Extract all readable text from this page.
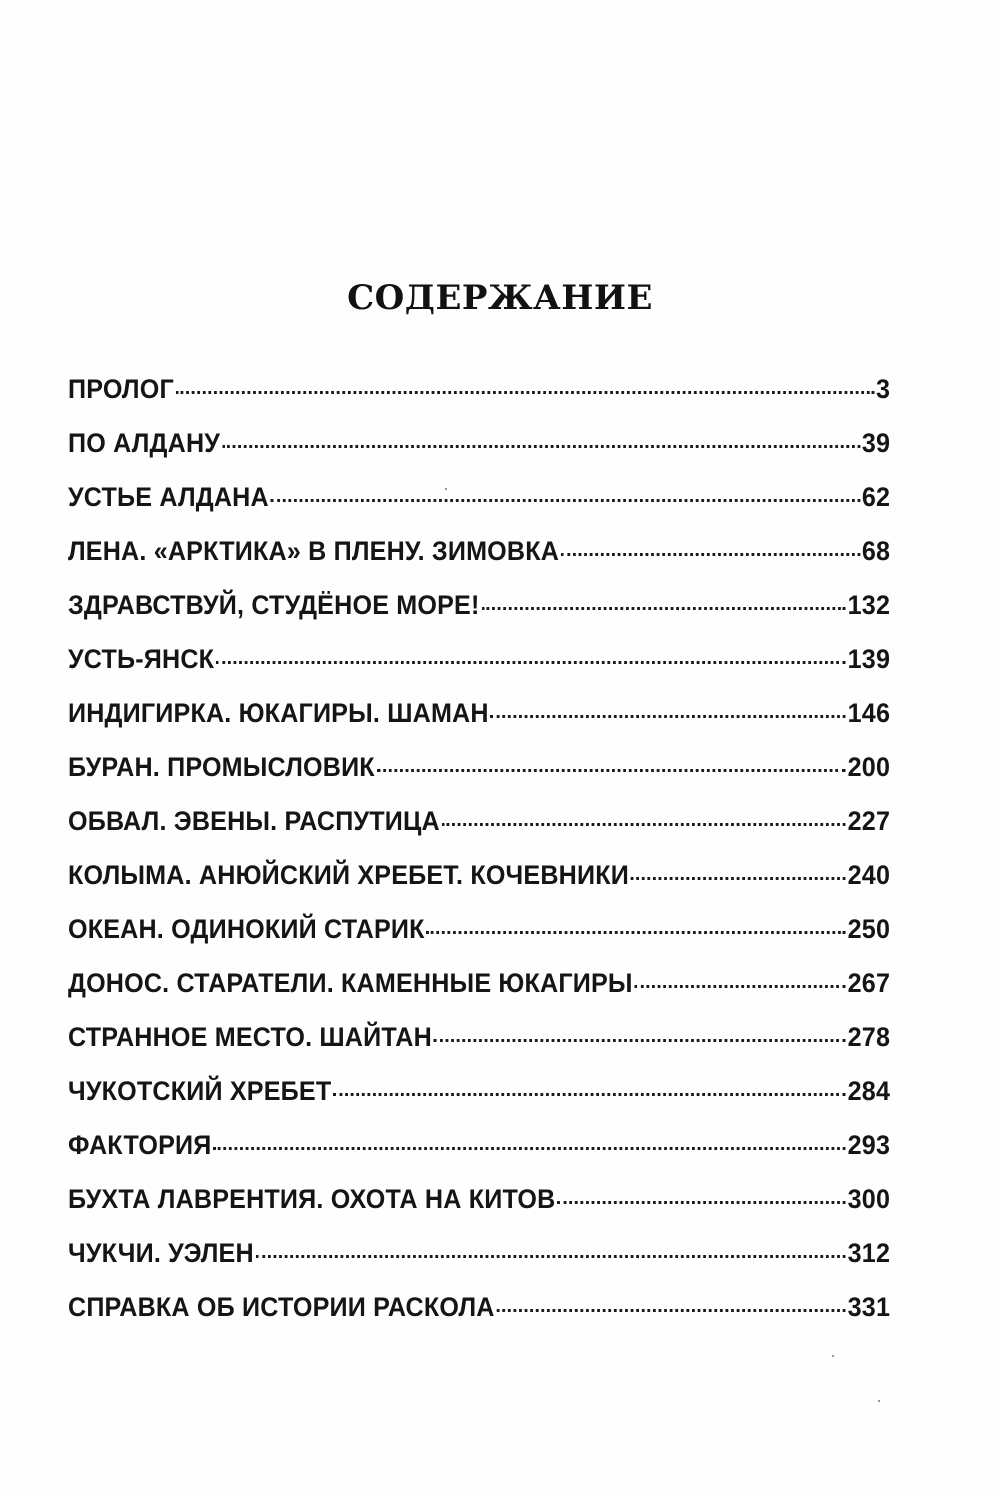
СОДЕРЖАНИЕ
ПРОЛОГ	3
ПО АЛДАНУ	39
УСТЬЕ АЛДАНА	62
ЛЕНА. «АРКТИКА» В ПЛЕНУ. ЗИМОВКА	68
ЗДРАВСТВУЙ, СТУДЁНОЕ МОРЕ!	132
УСТЬ-ЯНСК	139
ИНДИГИРКА. ЮКАГИРЫ. ШАМАН	146
БУРАН. ПРОМЫСЛОВИК	200
ОБВАЛ. ЭВЕНЫ. РАСПУТИЦА	227
КОЛЫМА. АНЮЙСКИЙ ХРЕБЕТ. КОЧЕВНИКИ	240
ОКЕАН. ОДИНОКИЙ СТАРИК	250
ДОНОС. СТАРАТЕЛИ. КАМЕННЫЕ ЮКАГИРЫ	267
СТРАННОЕ МЕСТО. ШАЙТАН	278
ЧУКОТСКИЙ ХРЕБЕТ	284
ФАКТОРИЯ	293
БУХТА ЛАВРЕНТИЯ. ОХОТА НА КИТОВ	300
ЧУКЧИ. УЭЛЕН	312
СПРАВКА ОБ ИСТОРИИ РАСКОЛА	331
